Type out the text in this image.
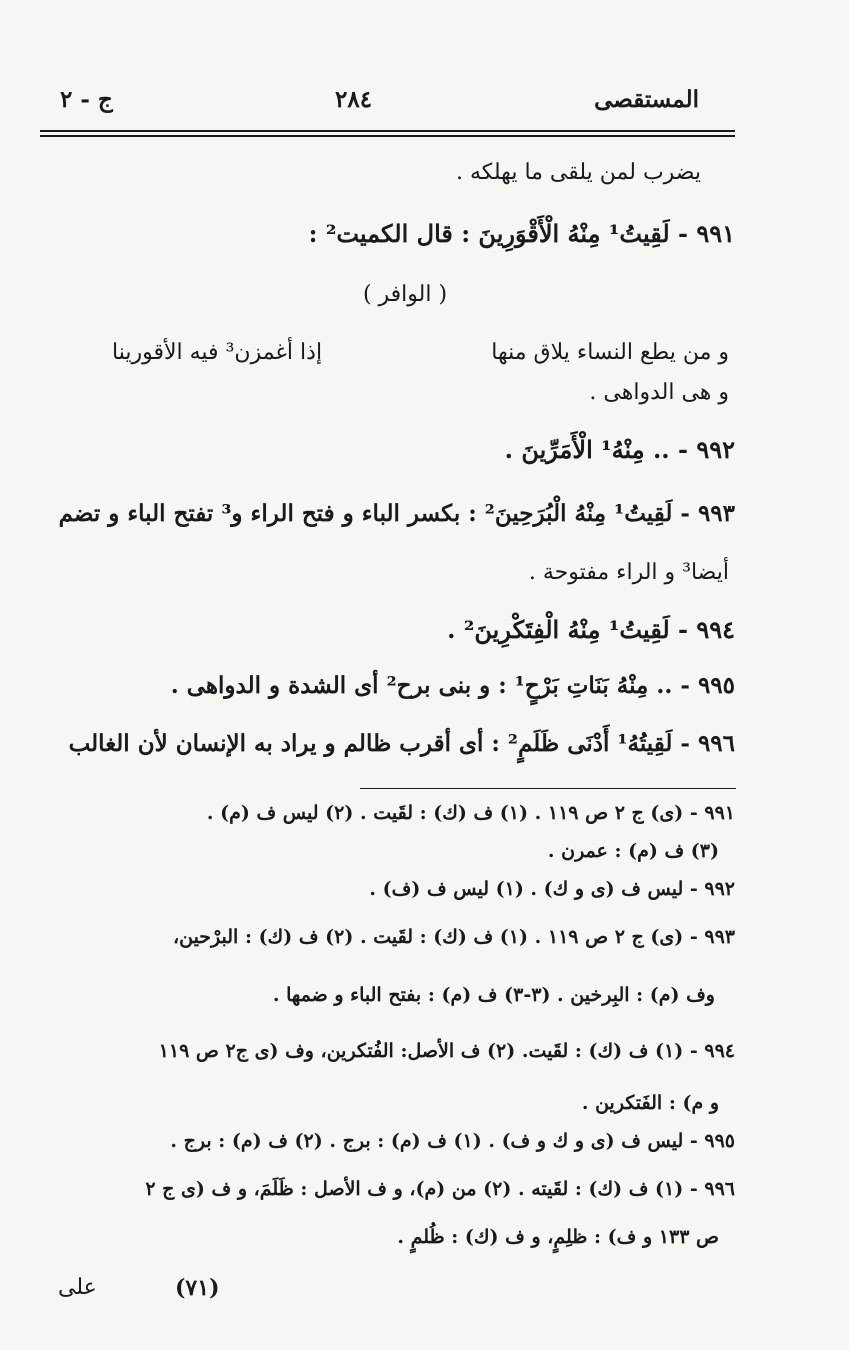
المستقصى
٢٨٤
ج - ٢
يضرب لمن يلقى ما يهلكه .
٩٩١ - لَقِيتُ¹ مِنْهُ الْأَقْوَرِينَ : قال الكميت² :
( الوافر )
و من يطع النساء يلاق منها
إذا أغمزن³ فيه الأقورينا
و هى الدواهى .
٩٩٢ - .. مِنْهُ¹ الْأَمَرِّينَ .
٩٩٣ - لَقِيتُ¹ مِنْهُ الْبُرَحِينَ² : بكسر الباء و فتح الراء و³ تفتح الباء و تضم
أيضا³ و الراء مفتوحة .
٩٩٤ - لَقِيتُ¹ مِنْهُ الْفِتَكْرِينَ² .
٩٩٥ - .. مِنْهُ بَنَاتِ بَرْحٍ¹ : و بنى برح² أى الشدة و الدواهى .
٩٩٦ - لَقِيتُهُ¹ أَدْنَى ظَلَمٍ² : أى أقرب ظالم و يراد به الإنسان لأن الغالب
٩٩١ - (ى) ج ٢ ص ١١٩ . (١) ف (ك) : لقَيت . (٢) ليس ف (م) .
(٣) ف (م) : عمرن .
٩٩٢ - ليس ف (ى و ك) . (١) ليس ف (ف) .
٩٩٣ - (ى) ج ٢ ص ١١٩ . (١) ف (ك) : لقَيت . (٢) ف (ك) : البرْحين،
وف (م) : البِرخين . (٣-٣) ف (م) : بفتح الباء و ضمها .
٩٩٤ - (١) ف (ك) : لقَيت. (٢) ف الأصل: الفُتكرين، وف (ى ج٢ ص ١١٩
و م) : الفَتكرين .
٩٩٥ - ليس ف (ى و ك و ف) . (١) ف (م) : برج . (٢) ف (م) : برج .
٩٩٦ - (١) ف (ك) : لقَيته . (٢) من (م)، و ف الأصل : ظَلَمَ، و ف (ى ج ٢
ص ١٣٣ و ف) : ظلِمٍ، و ف (ك) : ظُلمٍ .
(٧١)
على
